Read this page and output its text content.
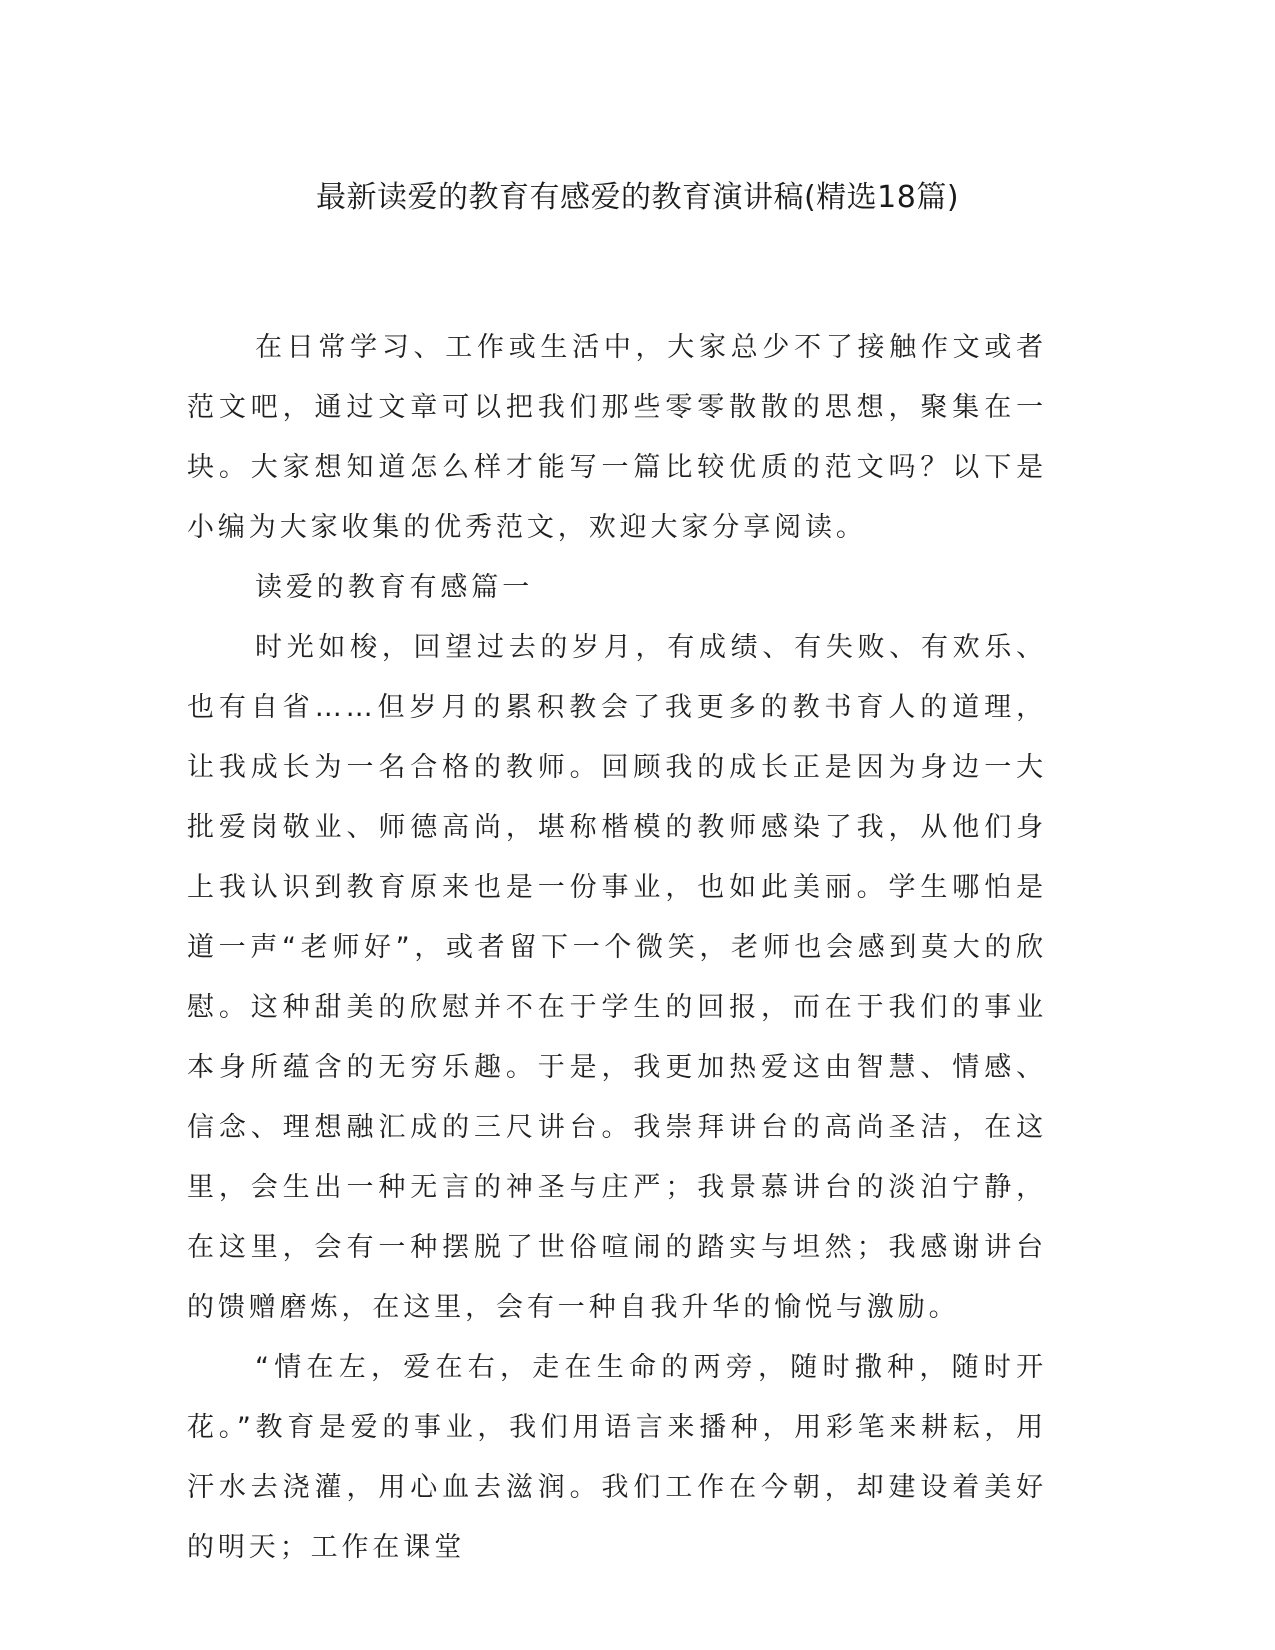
最新读爱的教育有感爱的教育演讲稿(精选18篇)

在日常学习、工作或生活中，大家总少不了接触作文或者范文吧，通过文章可以把我们那些零零散散的思想，聚集在一块。大家想知道怎么样才能写一篇比较优质的范文吗？以下是小编为大家收集的优秀范文，欢迎大家分享阅读。

读爱的教育有感篇一

时光如梭，回望过去的岁月，有成绩、有失败、有欢乐、也有自省……但岁月的累积教会了我更多的教书育人的道理，让我成长为一名合格的教师。回顾我的成长正是因为身边一大批爱岗敬业、师德高尚，堪称楷模的教师感染了我，从他们身上我认识到教育原来也是一份事业，也如此美丽。学生哪怕是道一声“老师好”，或者留下一个微笑，老师也会感到莫大的欣慰。这种甜美的欣慰并不在于学生的回报，而在于我们的事业本身所蕴含的无穷乐趣。于是，我更加热爱这由智慧、情感、信念、理想融汇成的三尺讲台。我崇拜讲台的高尚圣洁，在这里，会生出一种无言的神圣与庄严；我景慕讲台的淡泊宁静，在这里，会有一种摆脱了世俗喧闹的踏实与坦然；我感谢讲台的馈赠磨炼，在这里，会有一种自我升华的愉悦与激励。

“情在左，爱在右，走在生命的两旁，随时撒种，随时开花。”教育是爱的事业，我们用语言来播种，用彩笔来耕耘，用汗水去浇灌，用心血去滋润。我们工作在今朝，却建设着美好的明天；工作在课堂
